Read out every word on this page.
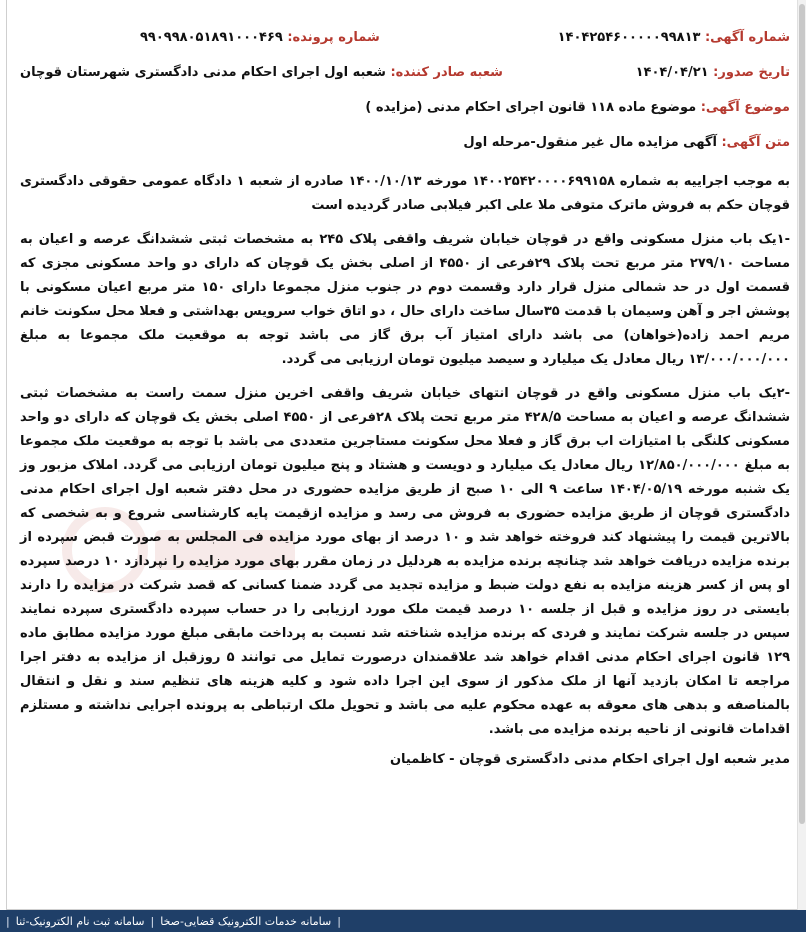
شماره آگهی: ۱۴۰۴۲۵۴۶۰۰۰۰۰۹۹۸۱۳
شماره پرونده: ۹۹۰۹۹۸۰۵۱۸۹۱۰۰۰۴۶۹
تاریخ صدور: ۱۴۰۴/۰۴/۲۱
شعبه صادر کننده: شعبه اول اجرای احکام مدنی دادگستری شهرستان قوچان
موضوع آگهی: موضوع ماده ۱۱۸ قانون اجرای احکام مدنی (مزایده )
متن آگهی: آگهی مزایده مال غیر منقول-مرحله اول

به موجب اجراییه به شماره ۱۴۰۰۲۵۴۲۰۰۰۰۶۹۹۱۵۸ مورخه ۱۴۰۰/۱۰/۱۳ صادره از شعبه ۱ دادگاه عمومی حقوقی دادگستری قوچان حکم به فروش ماترک متوفی ملا علی اکبر فیلابی صادر گردیده است

-۱یک باب منزل مسکونی واقع در قوچان خیابان شریف واقفی پلاک ۲۴۵ به مشخصات ثبتی ششدانگ عرصه و اعیان به مساحت ۲۷۹/۱۰ متر مربع تحت پلاک ۲۹فرعی از ۴۵۵۰ از اصلی بخش یک قوچان که دارای دو واحد مسکونی مجزی که قسمت اول در حد شمالی منزل قرار دارد وقسمت دوم در جنوب منزل مجموعا دارای ۱۵۰ متر مربع اعیان مسکونی با پوشش اجر و آهن وسیمان با قدمت ۳۵سال ساخت دارای حال ، دو اتاق خواب سرویس بهداشتی و فعلا محل سکونت خانم مریم احمد زاده(خواهان) می باشد دارای امتیاز آب برق گاز می باشد توجه به موقعیت ملک مجموعا به مبلغ ۱۳/۰۰۰/۰۰۰/۰۰۰ ریال معادل یک میلیارد و سیصد میلیون تومان ارزیابی می گردد.

-۲یک باب منزل مسکونی واقع در قوچان انتهای خیابان شریف واقفی اخرین منزل سمت راست به مشخصات ثبتی ششدانگ عرصه و اعیان به مساحت ۴۲۸/۵ متر مربع تحت پلاک ۲۸فرعی از ۴۵۵۰ اصلی بخش یک قوچان که دارای دو واحد مسکونی کلنگی با امتیازات اب برق گاز و فعلا محل سکونت مستاجرین متعددی می باشد با توجه به موقعیت ملک مجموعا به مبلغ ۱۲/۸۵۰/۰۰۰/۰۰۰ ریال معادل یک میلیارد و دویست و هشتاد و پنج میلیون تومان ارزیابی می گردد. املاک مزبور وز یک شنبه مورخه ۱۴۰۴/۰۵/۱۹ ساعت ۹ الی ۱۰ صبح از طریق مزایده حضوری در محل دفتر شعبه اول اجرای احکام مدنی دادگستری قوچان از طریق مزایده حضوری به فروش می رسد و مزایده ازقیمت پایه کارشناسی شروع و به شخصی که بالاترین قیمت را پیشنهاد کند فروخته خواهد شد و ۱۰ درصد از بهای مورد مزایده فی المجلس به صورت قبض سپرده از برنده مزایده دریافت خواهد شد چنانچه برنده مزایده به هردلیل در زمان مقرر بهای مورد مزایده را نپردازد ۱۰ درصد سپرده او پس از کسر هزینه مزایده به نفع دولت ضبط و مزایده تجدید می گردد ضمنا کسانی که قصد شرکت در مزایده را دارند بایستی در روز مزایده و قبل از جلسه ۱۰ درصد قیمت ملک مورد ارزیابی را در حساب سپرده دادگستری سپرده نمایند سپس در جلسه شرکت نمایند و فردی که برنده مزایده شناخته شد نسبت به پرداخت مابقی مبلغ مورد مزایده مطابق ماده ۱۲۹ قانون اجرای احکام مدنی اقدام خواهد شد علاقمندان درصورت تمایل می توانند ۵ روزقبل از مزایده به دفتر اجرا مراجعه تا امکان بازدید آنها از ملک مذکور از سوی این اجرا داده شود و کلیه هزینه های تنظیم سند و نقل و انتقال بالمناصفه و بدهی های معوقه به عهده محکوم علیه می باشد و تحویل ملک ارتباطی به پرونده اجرایی نداشته و مستلزم اقدامات قانونی از ناحیه برنده مزایده می باشد.

مدیر شعبه اول اجرای احکام مدنی دادگستری قوچان - کاظمیان
|
سامانه خدمات الکترونیک قضایی-صخا
|
سامانه ثبت نام الکترونیک-ثنا
|
